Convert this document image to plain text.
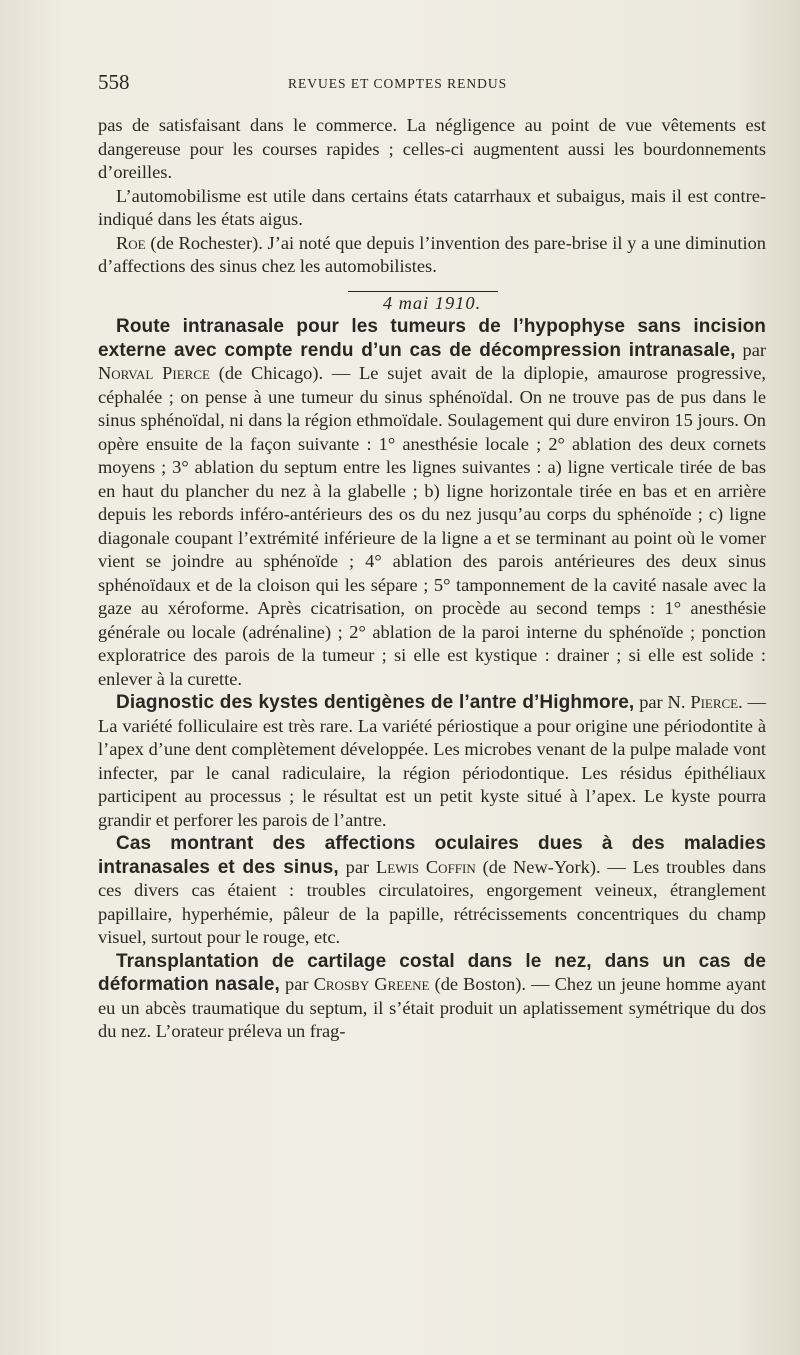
558	REVUES ET COMPTES RENDUS

pas de satisfaisant dans le commerce. La négligence au point de vue vêtements est dangereuse pour les courses rapides ; celles-ci augmentent aussi les bourdonnements d’oreilles.

L’automobilisme est utile dans certains états catarrhaux et subaigus, mais il est contre-indiqué dans les états aigus.

Roe (de Rochester). J’ai noté que depuis l’invention des pare-brise il y a une diminution d’affections des sinus chez les automobilistes.

4 mai 1910.

Route intranasale pour les tumeurs de l’hypophyse sans incision externe avec compte rendu d’un cas de décompression intranasale, par Norval Pierce (de Chicago). — Le sujet avait de la diplopie, amaurose progressive, céphalée ; on pense à une tumeur du sinus sphénoïdal. On ne trouve pas de pus dans le sinus sphénoïdal, ni dans la région ethmoïdale. Soulagement qui dure environ 15 jours. On opère ensuite de la façon suivante : 1° anesthésie locale ; 2° ablation des deux cornets moyens ; 3° ablation du septum entre les lignes suivantes : a) ligne verticale tirée de bas en haut du plancher du nez à la glabelle ; b) ligne horizontale tirée en bas et en arrière depuis les rebords inféro-antérieurs des os du nez jusqu’au corps du sphénoïde ; c) ligne diagonale coupant l’extrémité inférieure de la ligne a et se terminant au point où le vomer vient se joindre au sphénoïde ; 4° ablation des parois antérieures des deux sinus sphénoïdaux et de la cloison qui les sépare ; 5° tamponnement de la cavité nasale avec la gaze au xéroforme. Après cicatrisation, on procède au second temps : 1° anesthésie générale ou locale (adrénaline) ; 2° ablation de la paroi interne du sphénoïde ; ponction exploratrice des parois de la tumeur ; si elle est kystique : drainer ; si elle est solide : enlever à la curette.

Diagnostic des kystes dentigènes de l’antre d’Highmore, par N. Pierce. — La variété folliculaire est très rare. La variété périostique a pour origine une périodontite à l’apex d’une dent complètement développée. Les microbes venant de la pulpe malade vont infecter, par le canal radiculaire, la région périodontique. Les résidus épithéliaux participent au processus ; le résultat est un petit kyste situé à l’apex. Le kyste pourra grandir et perforer les parois de l’antre.

Cas montrant des affections oculaires dues à des maladies intranasales et des sinus, par Lewis Coffin (de New-York). — Les troubles dans ces divers cas étaient : troubles circulatoires, engorgement veineux, étranglement papillaire, hyperhémie, pâleur de la papille, rétrécissements concentriques du champ visuel, surtout pour le rouge, etc.

Transplantation de cartilage costal dans le nez, dans un cas de déformation nasale, par Crosby Greene (de Boston). — Chez un jeune homme ayant eu un abcès traumatique du septum, il s’était produit un aplatissement symétrique du dos du nez. L’orateur préleva un frag-
